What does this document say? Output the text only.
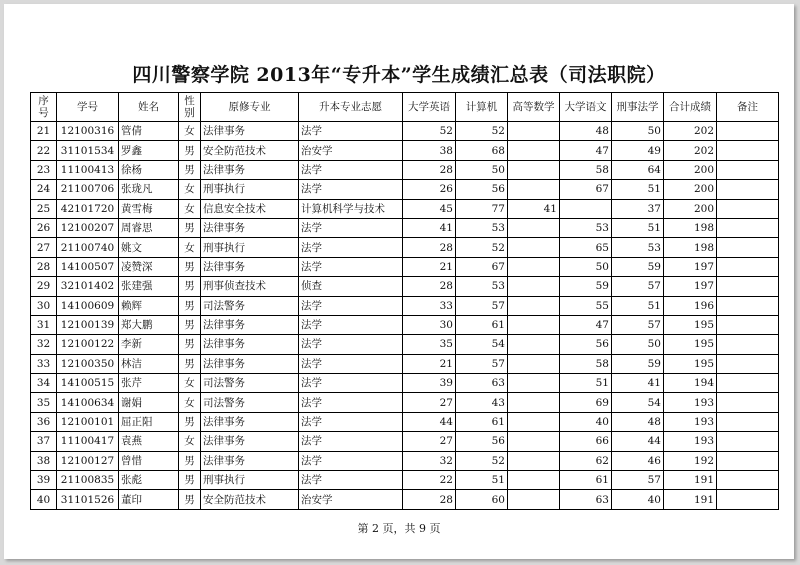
四川警察学院 2013年“专升本”学生成绩汇总表（司法职院）
序号	学号	姓名	性别	原修专业	升本专业志愿	大学英语	计算机	高等数学	大学语文	刑事法学	合计成绩	备注
21	12100316	管倩	女	法律事务	法学	52	52		48	50	202	
22	31101534	罗鑫	男	安全防范技术	治安学	38	68		47	49	202	
23	11100413	徐杨	男	法律事务	法学	28	50		58	64	200	
24	21100706	张珑凡	女	刑事执行	法学	26	56		67	51	200	
25	42101720	黄雪梅	女	信息安全技术	计算机科学与技术	45	77	41		37	200	
26	12100207	周睿思	男	法律事务	法学	41	53		53	51	198	
27	21100740	姚文	女	刑事执行	法学	28	52		65	53	198	
28	14100507	凌赞深	男	法律事务	法学	21	67		50	59	197	
29	32101402	张建强	男	刑事侦查技术	侦查	28	53		59	57	197	
30	14100609	赖辉	男	司法警务	法学	33	57		55	51	196	
31	12100139	郑大鹏	男	法律事务	法学	30	61		47	57	195	
32	12100122	李新	男	法律事务	法学	35	54		56	50	195	
33	12100350	林洁	男	法律事务	法学	21	57		58	59	195	
34	14100515	张芹	女	司法警务	法学	39	63		51	41	194	
35	14100634	谢娟	女	司法警务	法学	27	43		69	54	193	
36	12100101	屈正阳	男	法律事务	法学	44	61		40	48	193	
37	11100417	袁燕	女	法律事务	法学	27	56		66	44	193	
38	12100127	曾惜	男	法律事务	法学	32	52		62	46	192	
39	21100835	张彪	男	刑事执行	法学	22	51		61	57	191	
40	31101526	董印	男	安全防范技术	治安学	28	60		63	40	191	
第 2 页，共 9 页
